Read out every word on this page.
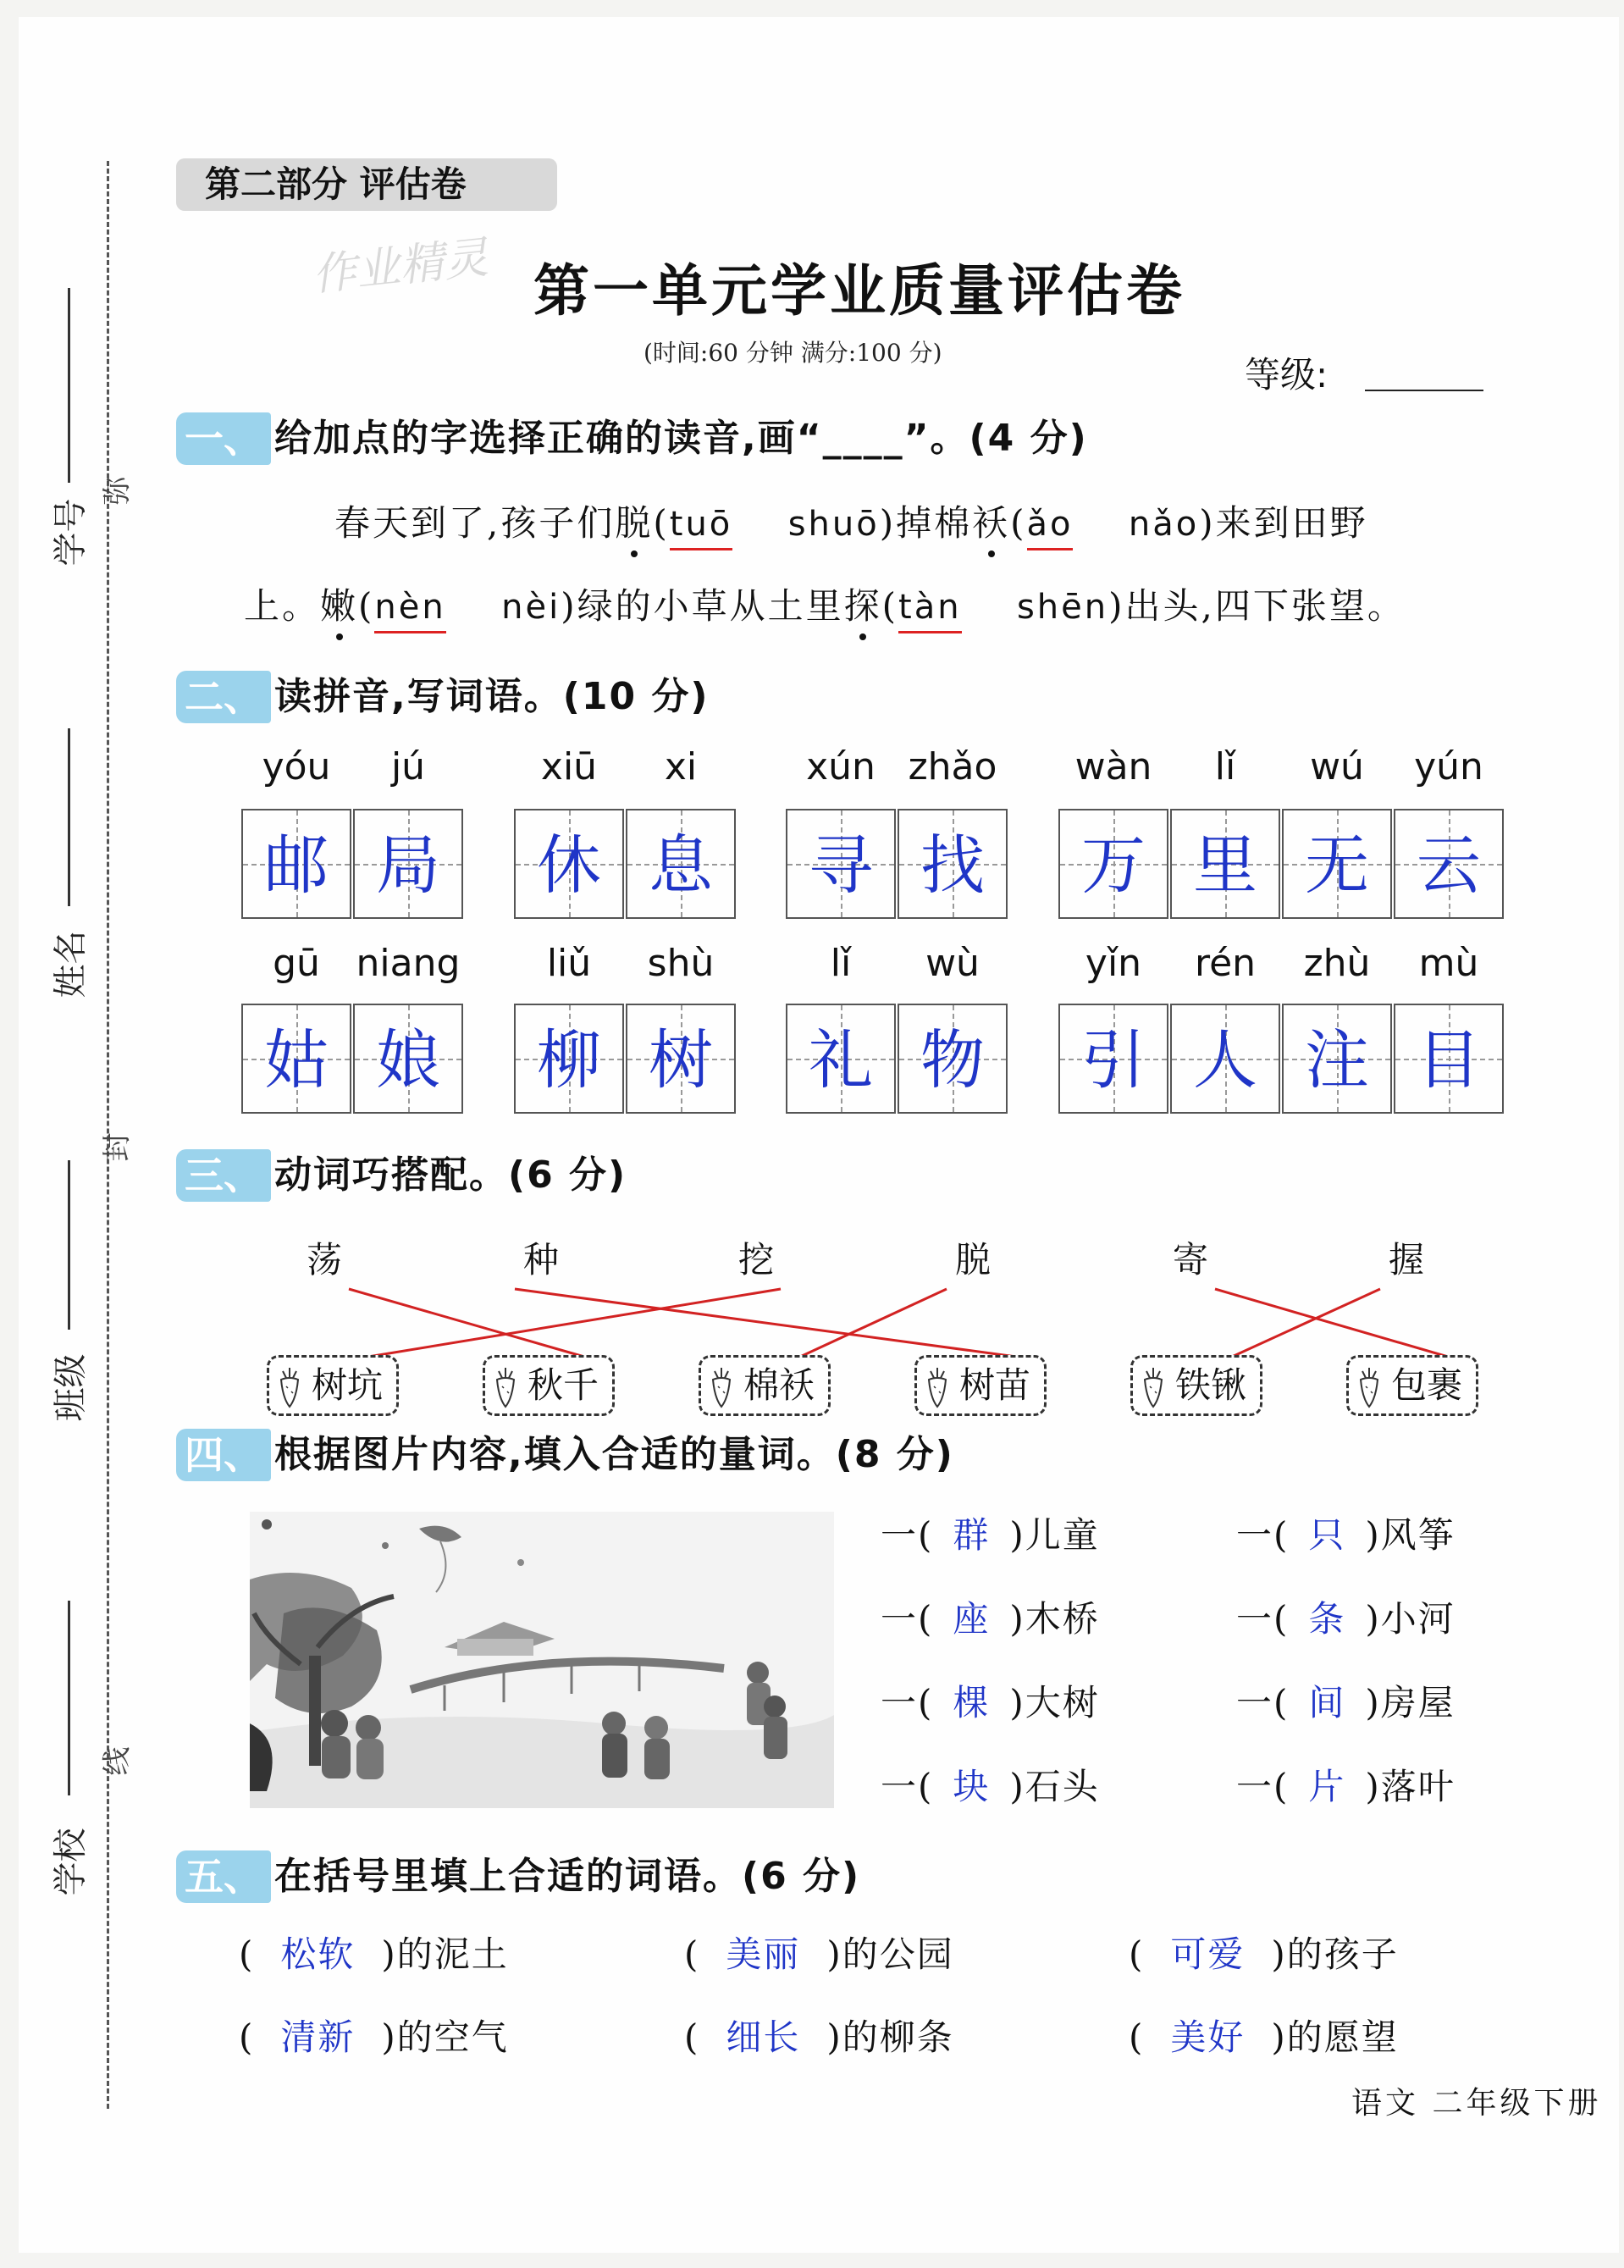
学号
姓名
班级
学校
弥
封
线
第二部分 评估卷
作业精灵 第一单元学业质量评估卷
(时间:60 分钟 满分:100 分)
等级:
一、 给加点的字选择正确的读音,画“____”。(4 分)
春天到了,孩子们脱(tuō shuō)掉棉袄(ǎo nǎo)来到田野
上。嫩(nèn nèi)绿的小草从土里探(tàn shēn)出头,四下张望。
二、 读拼音,写词语。(10 分)
yóu	jú
邮 局
xiū	xi
休 息
xún zhǎo
寻 找
wàn	lǐ	wú	yún
万 里 无 云
gū niang
姑 娘
liǔ	shù
柳 树
lǐ	wù
礼 物
yǐn	rén	zhù	mù
引 人 注 目
三、 动词巧搭配。(6 分)
荡	种	挖	脱	寄	握
树坑	秋千	棉袄	树苗	铁锹	包裹
四、 根据图片内容,填入合适的量词。(8 分)
一( 群 )儿童	一( 只 )风筝
一( 座 )木桥	一( 条 )小河
一( 棵 )大树	一( 间 )房屋
一( 块 )石头	一( 片 )落叶
五、 在括号里填上合适的词语。(6 分)
( 松软 )的泥土	( 美丽 )的公园	( 可爱 )的孩子
( 清新 )的空气	( 细长 )的柳条	( 美好 )的愿望
语文 二年级下册
